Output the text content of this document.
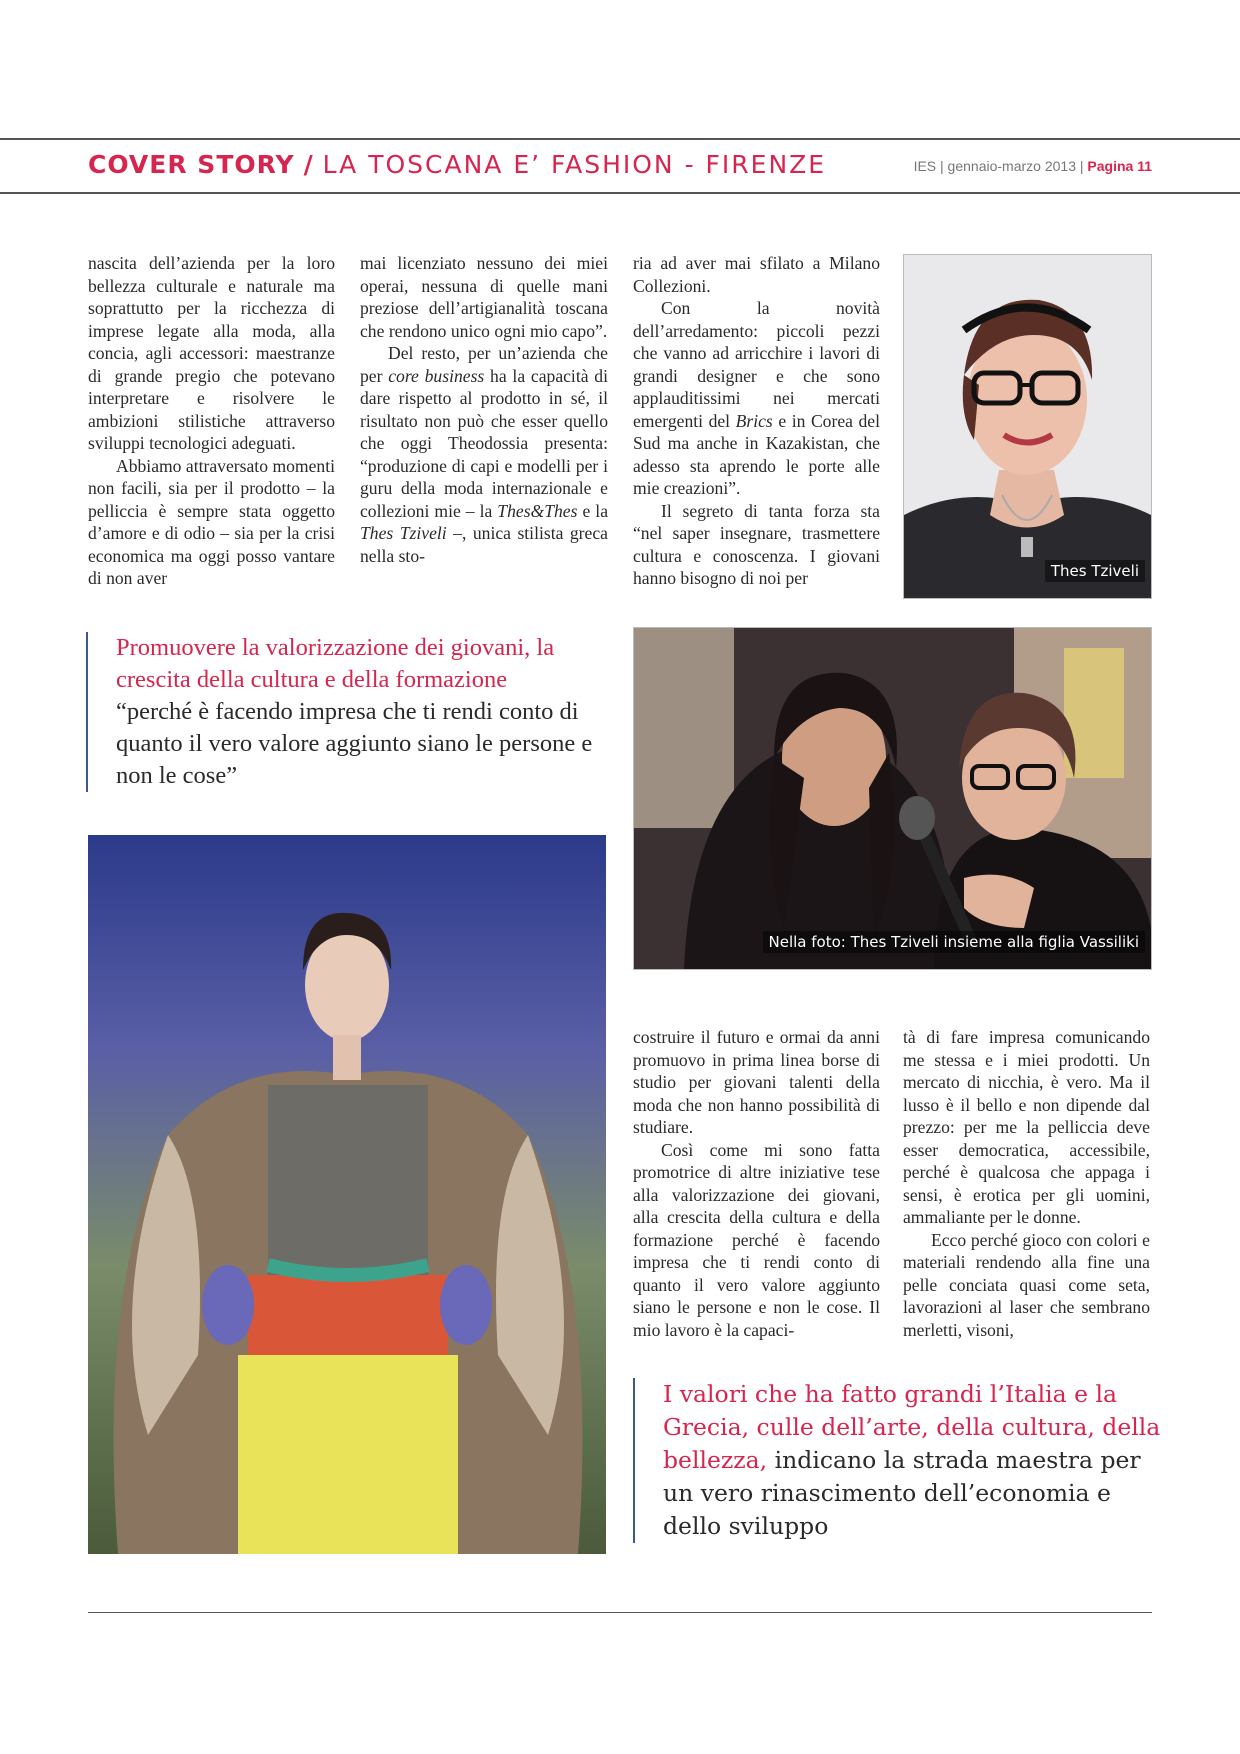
COVER STORY / LA TOSCANA E’ FASHION - FIRENZE	IES | gennaio-marzo 2013 | Pagina 11

nascita dell’azienda per la loro bellezza culturale e naturale ma soprattutto per la ricchezza di imprese legate alla moda, alla concia, agli accessori: maestranze di grande pregio che potevano interpretare e risolvere le ambizioni stilistiche attraverso sviluppi tecnologici adeguati.

Abbiamo attraversato momenti non facili, sia per il prodotto – la pelliccia è sempre stata oggetto d’amore e di odio – sia per la crisi economica ma oggi posso vantare di non aver

mai licenziato nessuno dei miei operai, nessuna di quelle mani preziose dell’artigianalità toscana che rendono unico ogni mio capo”.

Del resto, per un’azienda che per core business ha la capacità di dare rispetto al prodotto in sé, il risultato non può che esser quello che oggi Theodossia presenta: “produzione di capi e modelli per i guru della moda internazionale e collezioni mie – la Thes&Thes e la Thes Tziveli –, unica stilista greca nella sto-

ria ad aver mai sfilato a Milano Collezioni.

Con la novità dell’arredamento: piccoli pezzi che vanno ad arricchire i lavori di grandi designer e che sono applauditissimi nei mercati emergenti del Brics e in Corea del Sud ma anche in Kazakistan, che adesso sta aprendo le porte alle mie creazioni”.

Il segreto di tanta forza sta “nel saper insegnare, trasmettere cultura e conoscenza. I giovani hanno bisogno di noi per	Thes Tziveli
Promuovere la valorizzazione dei giovani, la crescita della cultura e della formazione
“perché è facendo impresa che ti rendi conto di quanto il vero valore aggiunto siano le persone e non le cose”
Nella foto: Thes Tziveli insieme alla figlia Vassiliki

costruire il futuro e ormai da anni promuovo in prima linea borse di studio per giovani talenti della moda che non hanno possibilità di studiare.

Così come mi sono fatta promotrice di altre iniziative tese alla valorizzazione dei giovani, alla crescita della cultura e della formazione perché è facendo impresa che ti rendi conto di quanto il vero valore aggiunto siano le persone e non le cose. Il mio lavoro è la capaci-

tà di fare impresa comunicando me stessa e i miei prodotti. Un mercato di nicchia, è vero. Ma il lusso è il bello e non dipende dal prezzo: per me la pelliccia deve esser democratica, accessibile, perché è qualcosa che appaga i sensi, è erotica per gli uomini, ammaliante per le donne.

Ecco perché gioco con colori e materiali rendendo alla fine una pelle conciata quasi come seta, lavorazioni al laser che sembrano merletti, visoni,

I valori che ha fatto grandi l’Italia e la Grecia, culle dell’arte, della cultura, della bellezza, indicano la strada maestra per un vero rinascimento dell’economia e dello sviluppo
